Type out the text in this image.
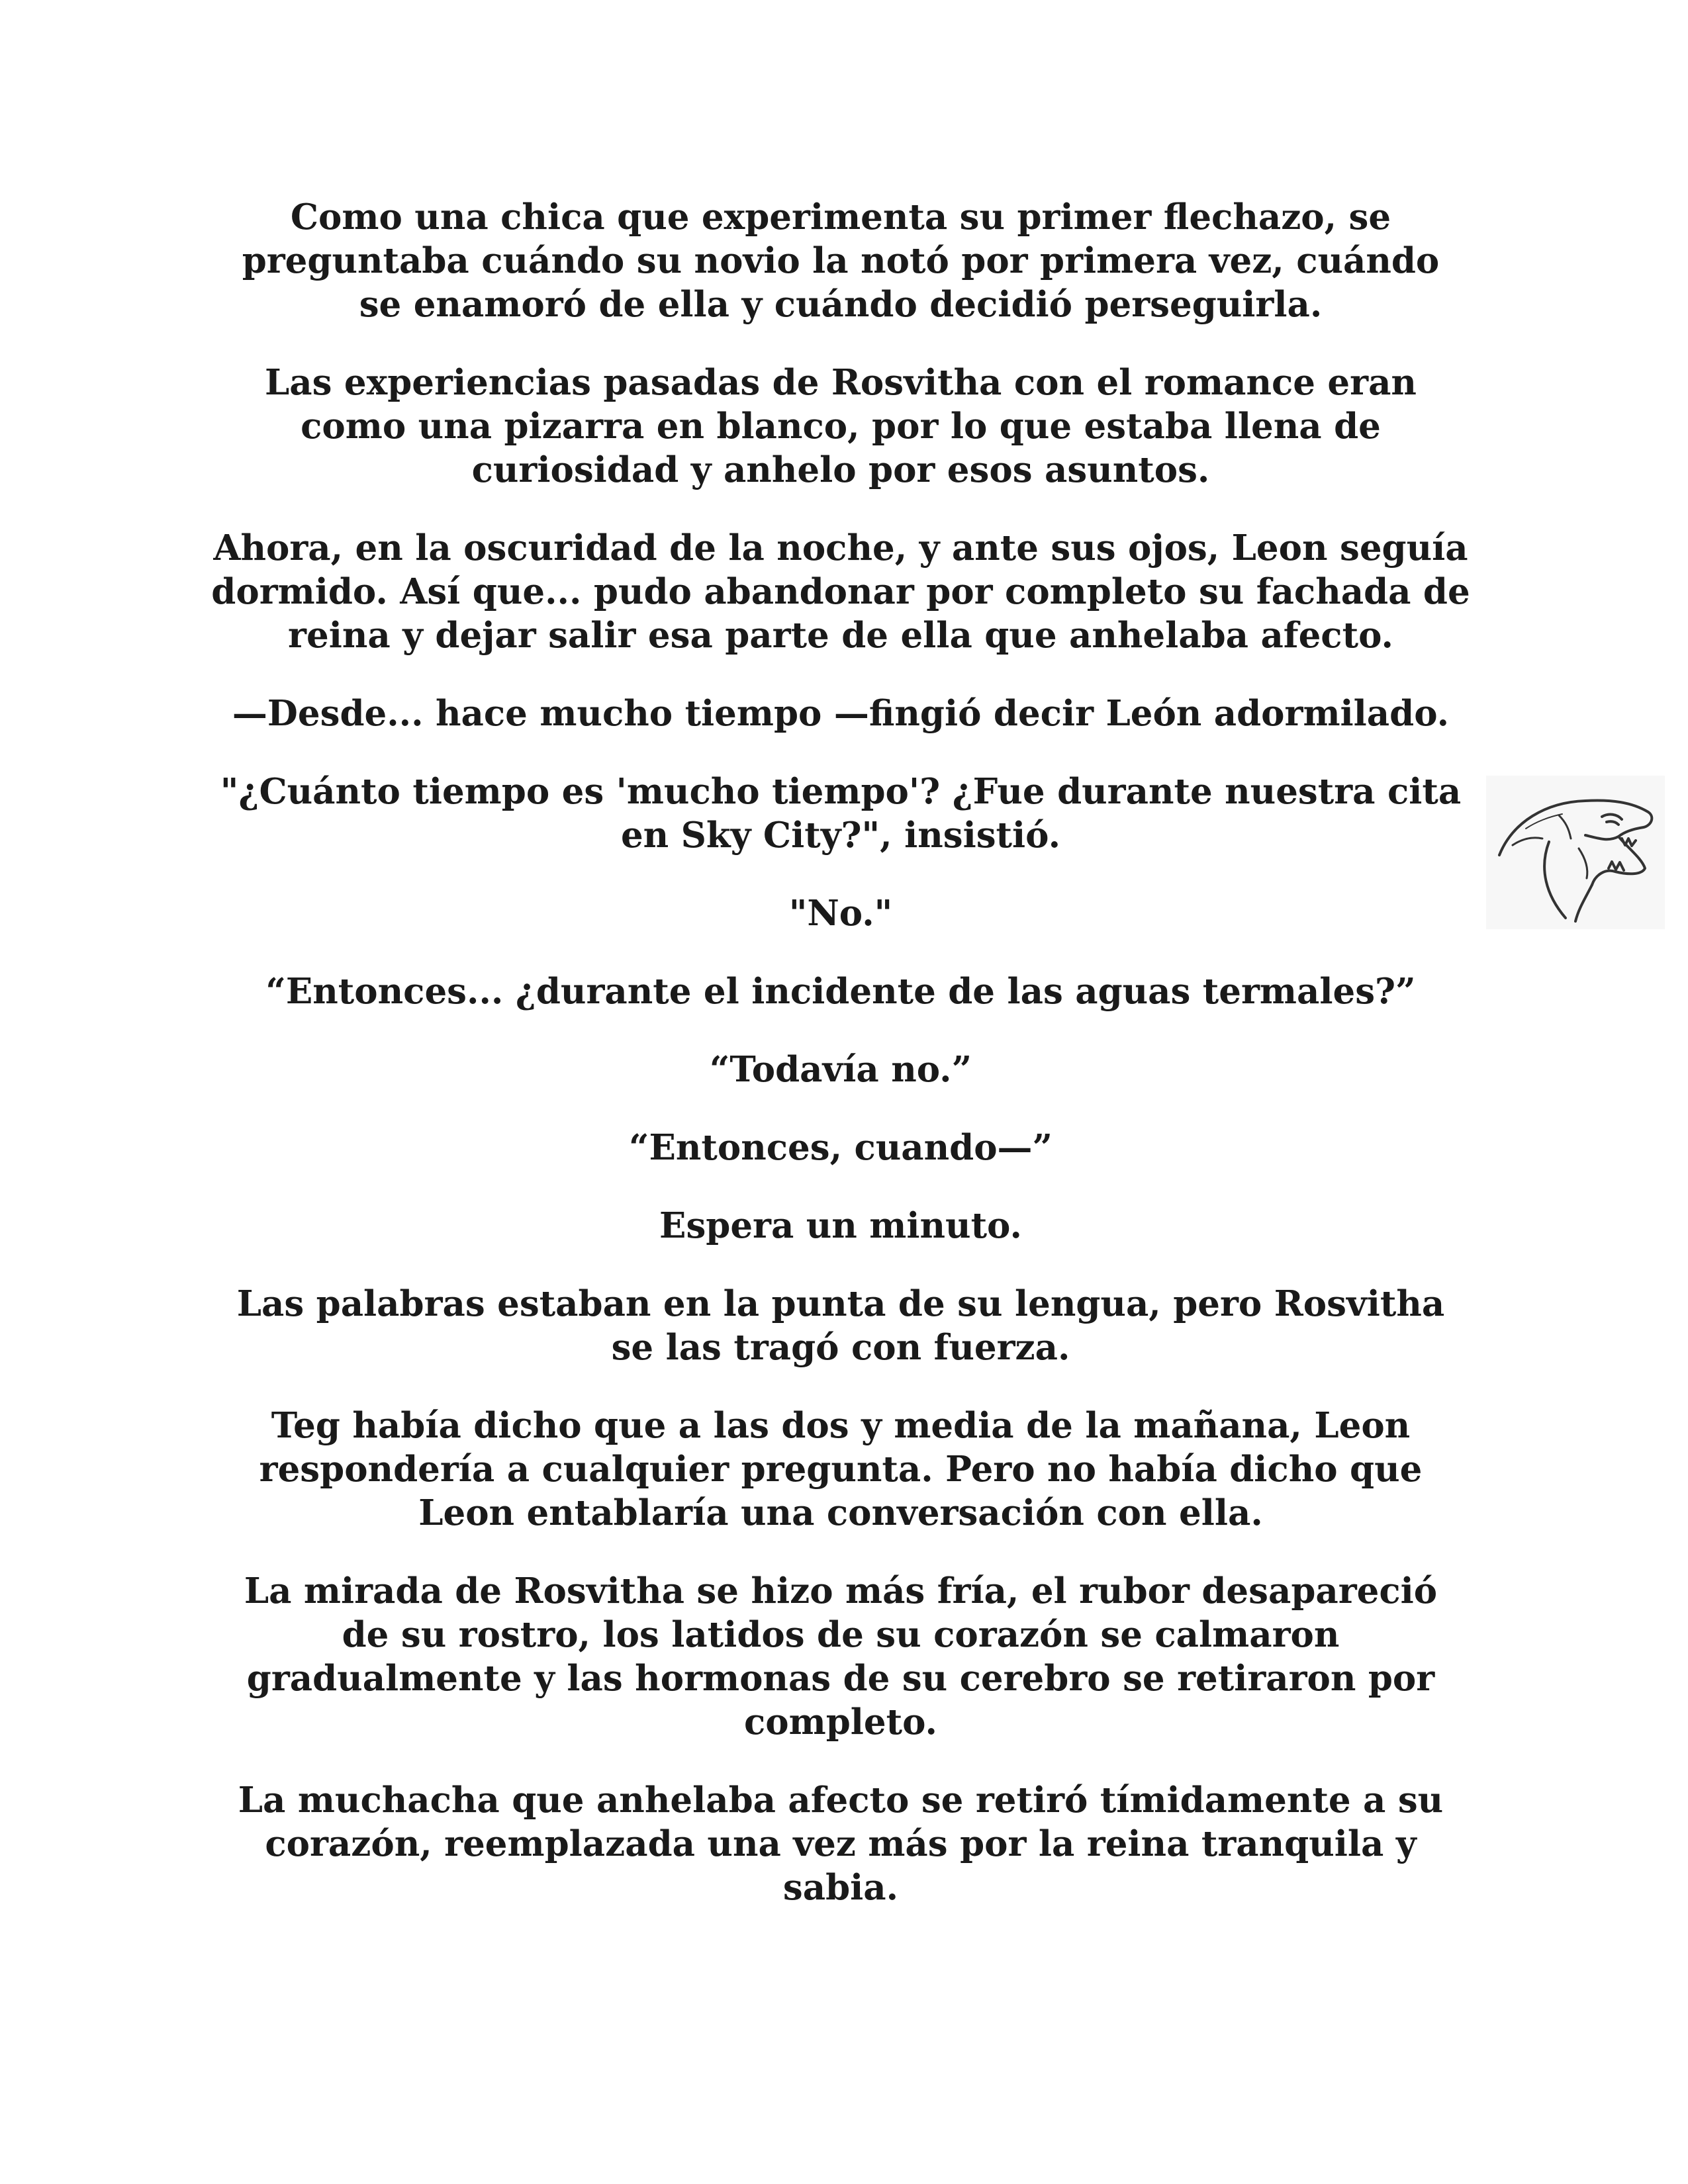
Como una chica que experimenta su primer flechazo, se preguntaba cuándo su novio la notó por primera vez, cuándo se enamoró de ella y cuándo decidió perseguirla.

Las experiencias pasadas de Rosvitha con el romance eran como una pizarra en blanco, por lo que estaba llena de curiosidad y anhelo por esos asuntos.

Ahora, en la oscuridad de la noche, y ante sus ojos, Leon seguía dormido. Así que... pudo abandonar por completo su fachada de reina y dejar salir esa parte de ella que anhelaba afecto.

—Desde... hace mucho tiempo —fingió decir León adormilado.

"¿Cuánto tiempo es 'mucho tiempo'? ¿Fue durante nuestra cita en Sky City?", insistió.

"No."

“Entonces... ¿durante el incidente de las aguas termales?”

“Todavía no.”

“Entonces, cuando—”

Espera un minuto.

Las palabras estaban en la punta de su lengua, pero Rosvitha se las tragó con fuerza.

Teg había dicho que a las dos y media de la mañana, Leon respondería a cualquier pregunta. Pero no había dicho que Leon entablaría una conversación con ella.

La mirada de Rosvitha se hizo más fría, el rubor desapareció de su rostro, los latidos de su corazón se calmaron gradualmente y las hormonas de su cerebro se retiraron por completo.

La muchacha que anhelaba afecto se retiró tímidamente a su corazón, reemplazada una vez más por la reina tranquila y sabia.
